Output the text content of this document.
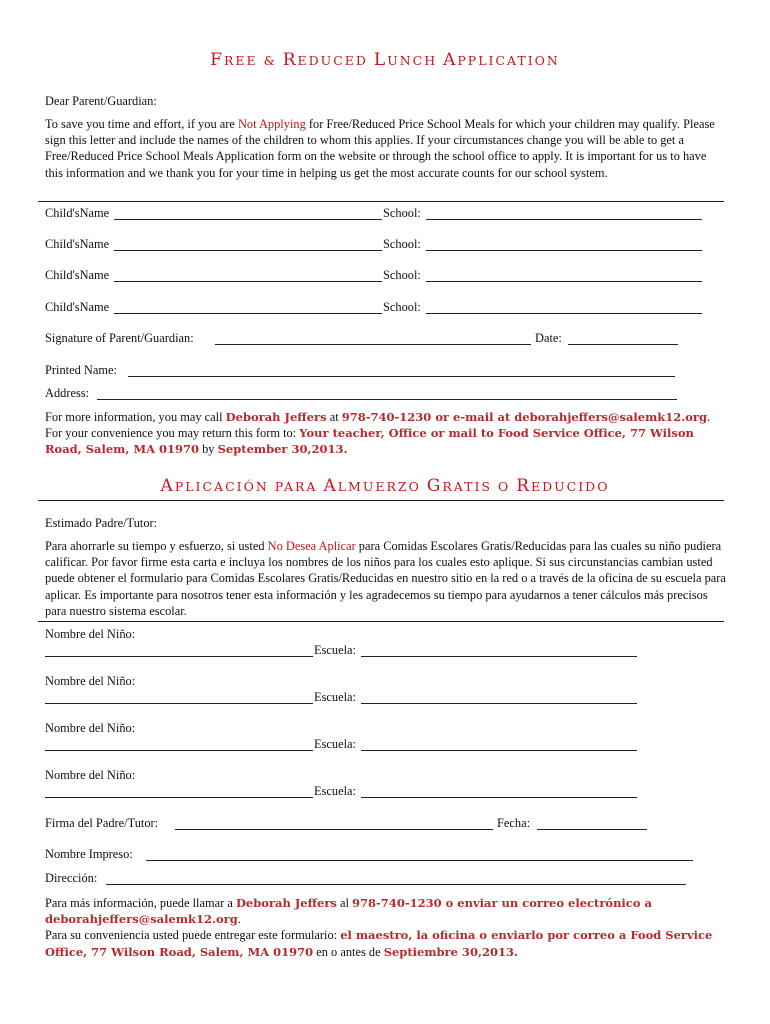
FREE & REDUCED LUNCH APPLICATION
Dear Parent/Guardian:
To save you time and effort, if you are Not Applying for Free/Reduced Price School Meals for which your children may qualify. Please sign this letter and include the names of the children to whom this applies. If your circumstances change you will be able to get a Free/Reduced Price School Meals Application form on the website or through the school office to apply. It is important for us to have this information and we thank you for your time in helping us get the most accurate counts for our school system.
Child'sName	School:
Child'sName	School:
Child'sName	School:
Child'sName	School:
Signature of Parent/Guardian:	Date:
Printed Name:
Address:
For more information, you may call Deborah Jeffers at 978-740-1230 or e-mail at deborahjeffers@salemk12.org.
For your convenience you may return this form to: Your teacher, Office or mail to Food Service Office, 77 Wilson Road, Salem, MA 01970 by September 30,2013.
APLICACIÓN PARA ALMUERZO GRATIS O REDUCIDO
Estimado Padre/Tutor:
Para ahorrarle su tiempo y esfuerzo, si usted No Desea Aplicar para Comidas Escolares Gratis/Reducidas para las cuales su niño pudiera calificar. Por favor firme esta carta e incluya los nombres de los niños para los cuales esto aplique. Si sus circunstancias cambian usted puede obtener el formulario para Comidas Escolares Gratis/Reducidas en nuestro sitio en la red o a través de la oficina de su escuela para aplicar. Es importante para nosotros tener esta información y les agradecemos su tiempo para ayudarnos a tener cálculos más precisos para nuestro sistema escolar.
Nombre del Niño:
Escuela:
Nombre del Niño:
Escuela:
Nombre del Niño:
Escuela:
Nombre del Niño:
Escuela:
Firma del Padre/Tutor:	Fecha:
Nombre Impreso:
Dirección:
Para más información, puede llamar a Deborah Jeffers al 978-740-1230 o enviar un correo electrónico a deborahjeffers@salemk12.org.
Para su conveniencia usted puede entregar este formulario: el maestro, la oficina o enviarlo por correo a Food Service Office, 77 Wilson Road, Salem, MA 01970 en o antes de Septiembre 30,2013.
